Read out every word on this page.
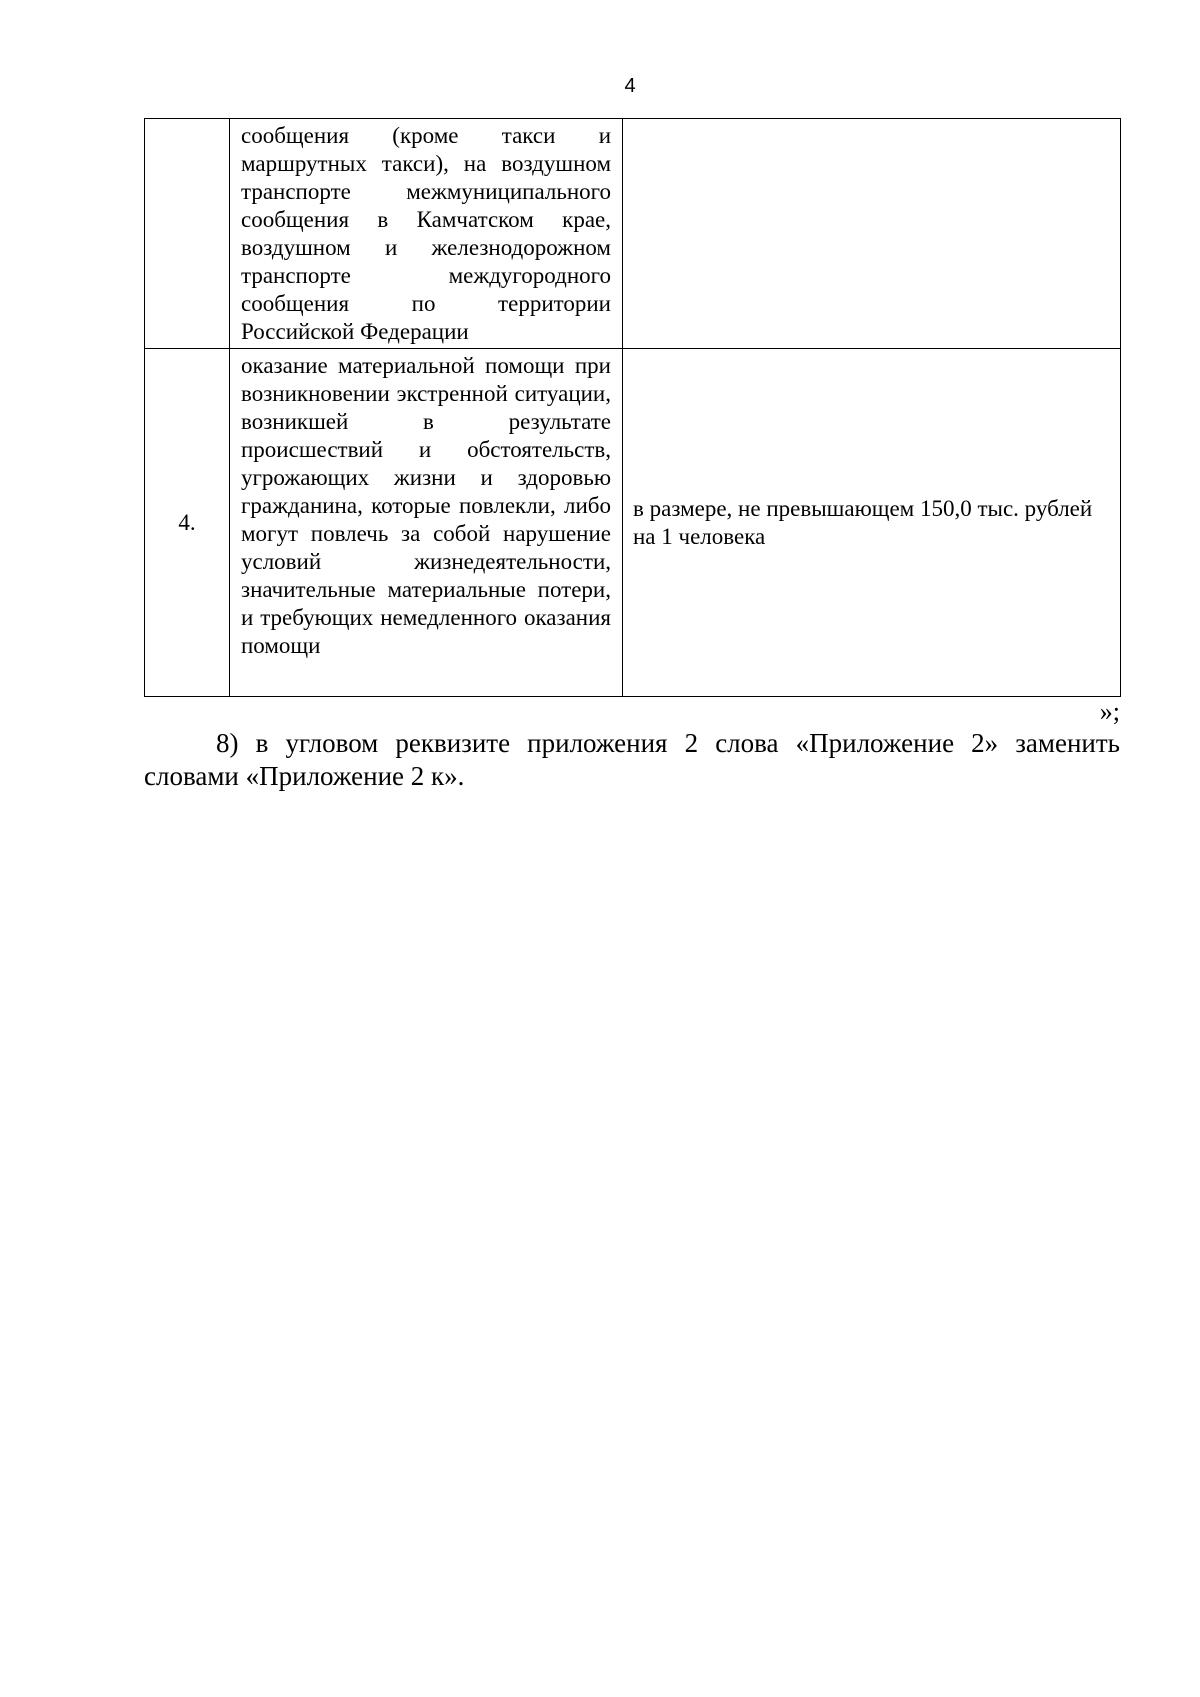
4
	сообщения (кроме такси и маршрутных такси), на воздушном транспорте межмуниципального сообщения в Камчатском крае, воздушном и железнодорожном транспорте междугородного сообщения по территории Российской Федерации	
4.	оказание материальной помощи при возникновении экстренной ситуации, возникшей в результате происшествий и обстоятельств, угрожающих жизни и здоровью гражданина, которые повлекли, либо могут повлечь за собой нарушение условий жизнедеятельности, значительные материальные потери, и требующих немедленного оказания помощи	в размере, не превышающем 150,0 тыс. рублей на 1 человека
»;

8) в угловом реквизите приложения 2 слова «Приложение 2» заменить словами «Приложение 2 к».
